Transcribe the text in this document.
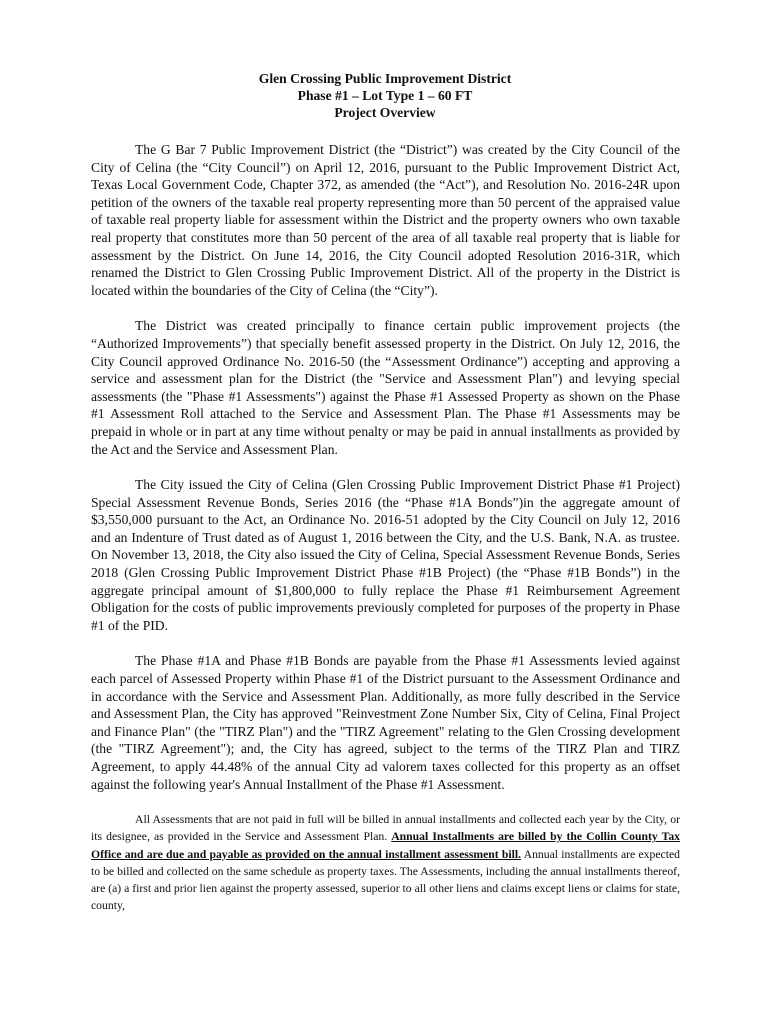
Glen Crossing Public Improvement District
Phase #1 – Lot Type 1 – 60 FT
Project Overview

The G Bar 7 Public Improvement District (the “District”) was created by the City Council of the City of Celina (the “City Council”) on April 12, 2016, pursuant to the Public Improvement District Act, Texas Local Government Code, Chapter 372, as amended (the “Act”), and Resolution No. 2016-24R upon petition of the owners of the taxable real property representing more than 50 percent of the appraised value of taxable real property liable for assessment within the District and the property owners who own taxable real property that constitutes more than 50 percent of the area of all taxable real property that is liable for assessment by the District. On June 14, 2016, the City Council adopted Resolution 2016-31R, which renamed the District to Glen Crossing Public Improvement District. All of the property in the District is located within the boundaries of the City of Celina (the “City”).

The District was created principally to finance certain public improvement projects (the “Authorized Improvements”) that specially benefit assessed property in the District. On July 12, 2016, the City Council approved Ordinance No. 2016-50 (the “Assessment Ordinance”) accepting and approving a service and assessment plan for the District (the "Service and Assessment Plan") and levying special assessments (the "Phase #1 Assessments") against the Phase #1 Assessed Property as shown on the Phase #1 Assessment Roll attached to the Service and Assessment Plan. The Phase #1 Assessments may be prepaid in whole or in part at any time without penalty or may be paid in annual installments as provided by the Act and the Service and Assessment Plan.

The City issued the City of Celina (Glen Crossing Public Improvement District Phase #1 Project) Special Assessment Revenue Bonds, Series 2016 (the “Phase #1A Bonds”)in the aggregate amount of $3,550,000 pursuant to the Act, an Ordinance No. 2016-51 adopted by the City Council on July 12, 2016 and an Indenture of Trust dated as of August 1, 2016 between the City, and the U.S. Bank, N.A. as trustee. On November 13, 2018, the City also issued the City of Celina, Special Assessment Revenue Bonds, Series 2018 (Glen Crossing Public Improvement District Phase #1B Project) (the “Phase #1B Bonds”) in the aggregate principal amount of $1,800,000 to fully replace the Phase #1 Reimbursement Agreement Obligation for the costs of public improvements previously completed for purposes of the property in Phase #1 of the PID.

The Phase #1A and Phase #1B Bonds are payable from the Phase #1 Assessments levied against each parcel of Assessed Property within Phase #1 of the District pursuant to the Assessment Ordinance and in accordance with the Service and Assessment Plan. Additionally, as more fully described in the Service and Assessment Plan, the City has approved "Reinvestment Zone Number Six, City of Celina, Final Project and Finance Plan" (the "TIRZ Plan") and the "TIRZ Agreement" relating to the Glen Crossing development (the "TIRZ Agreement"); and, the City has agreed, subject to the terms of the TIRZ Plan and TIRZ Agreement, to apply 44.48% of the annual City ad valorem taxes collected for this property as an offset against the following year's Annual Installment of the Phase #1 Assessment.

All Assessments that are not paid in full will be billed in annual installments and collected each year by the City, or its designee, as provided in the Service and Assessment Plan. Annual Installments are billed by the Collin County Tax Office and are due and payable as provided on the annual installment assessment bill. Annual installments are expected to be billed and collected on the same schedule as property taxes. The Assessments, including the annual installments thereof, are (a) a first and prior lien against the property assessed, superior to all other liens and claims except liens or claims for state, county,
